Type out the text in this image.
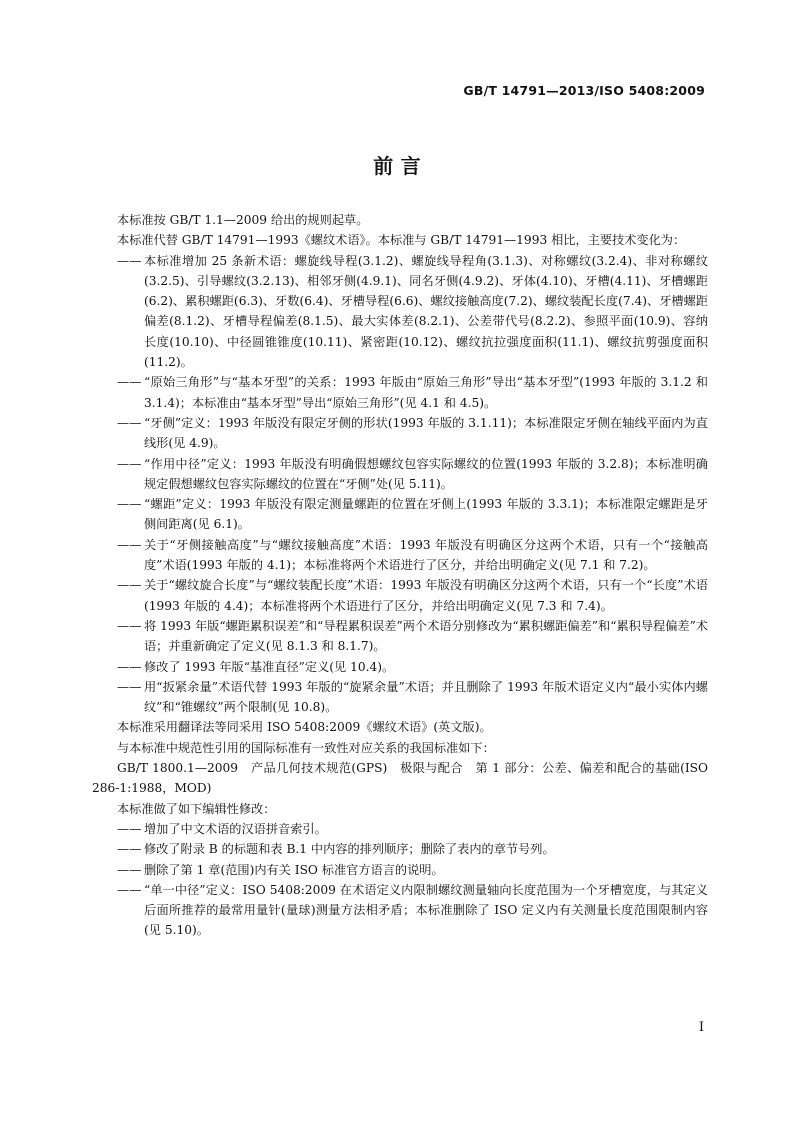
GB/T 14791—2013/ISO 5408:2009
前 言

本标准按 GB/T 1.1—2009 给出的规则起草。

本标准代替 GB/T 14791—1993《螺纹术语》。本标准与 GB/T 14791—1993 相比，主要技术变化为：

—— 本标准增加 25 条新术语：螺旋线导程(3.1.2)、螺旋线导程角(3.1.3)、对称螺纹(3.2.4)、非对称螺纹(3.2.5)、引导螺纹(3.2.13)、相邻牙侧(4.9.1)、同名牙侧(4.9.2)、牙体(4.10)、牙槽(4.11)、牙槽螺距(6.2)、累积螺距(6.3)、牙数(6.4)、牙槽导程(6.6)、螺纹接触高度(7.2)、螺纹装配长度(7.4)、牙槽螺距偏差(8.1.2)、牙槽导程偏差(8.1.5)、最大实体差(8.2.1)、公差带代号(8.2.2)、参照平面(10.9)、容纳长度(10.10)、中径圆锥锥度(10.11)、紧密距(10.12)、螺纹抗拉强度面积(11.1)、螺纹抗剪强度面积(11.2)。
—— “原始三角形”与“基本牙型”的关系：1993 年版由“原始三角形”导出“基本牙型”(1993 年版的 3.1.2 和 3.1.4)；本标准由“基本牙型”导出“原始三角形”(见 4.1 和 4.5)。
—— “牙侧”定义：1993 年版没有限定牙侧的形状(1993 年版的 3.1.11)；本标准限定牙侧在轴线平面内为直线形(见 4.9)。
—— “作用中径”定义：1993 年版没有明确假想螺纹包容实际螺纹的位置(1993 年版的 3.2.8)；本标准明确规定假想螺纹包容实际螺纹的位置在“牙侧”处(见 5.11)。
—— “螺距”定义：1993 年版没有限定测量螺距的位置在牙侧上(1993 年版的 3.3.1)；本标准限定螺距是牙侧间距离(见 6.1)。
—— 关于“牙侧接触高度”与“螺纹接触高度”术语：1993 年版没有明确区分这两个术语，只有一个“接触高度”术语(1993 年版的 4.1)；本标准将两个术语进行了区分，并给出明确定义(见 7.1 和 7.2)。
—— 关于“螺纹旋合长度”与“螺纹装配长度”术语：1993 年版没有明确区分这两个术语，只有一个“长度”术语(1993 年版的 4.4)；本标准将两个术语进行了区分，并给出明确定义(见 7.3 和 7.4)。
—— 将 1993 年版“螺距累积误差”和“导程累积误差”两个术语分别修改为“累积螺距偏差”和“累积导程偏差”术语；并重新确定了定义(见 8.1.3 和 8.1.7)。
—— 修改了 1993 年版“基准直径”定义(见 10.4)。
—— 用“扳紧余量”术语代替 1993 年版的“旋紧余量”术语；并且删除了 1993 年版术语定义内“最小实体内螺纹”和“锥螺纹”两个限制(见 10.8)。

本标准采用翻译法等同采用 ISO 5408:2009《螺纹术语》(英文版)。

与本标准中规范性引用的国际标准有一致性对应关系的我国标准如下：

GB/T 1800.1—2009　产品几何技术规范(GPS)　极限与配合　第 1 部分：公差、偏差和配合的基础(ISO 286-1:1988，MOD)

本标准做了如下编辑性修改：

—— 增加了中文术语的汉语拼音索引。
—— 修改了附录 B 的标题和表 B.1 中内容的排列顺序；删除了表内的章节号列。
—— 删除了第 1 章(范围)内有关 ISO 标准官方语言的说明。
—— “单一中径”定义：ISO 5408:2009 在术语定义内限制螺纹测量轴向长度范围为一个牙槽宽度，与其定义后面所推荐的最常用量针(量球)测量方法相矛盾；本标准删除了 ISO 定义内有关测量长度范围限制内容(见 5.10)。
I
